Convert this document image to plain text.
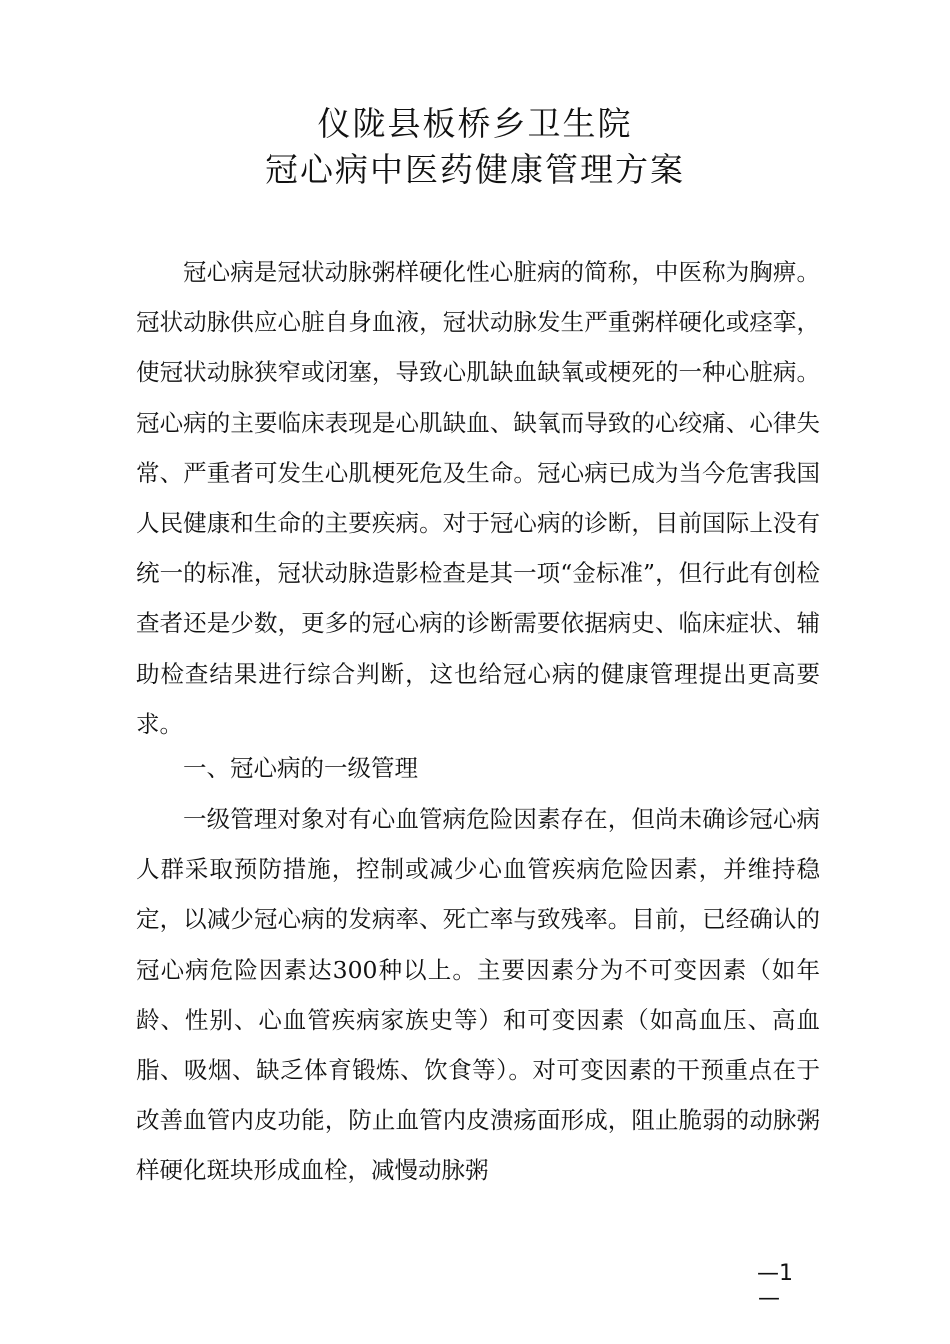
仪陇县板桥乡卫生院
冠心病中医药健康管理方案

冠心病是冠状动脉粥样硬化性心脏病的简称，中医称为胸痹。冠状动脉供应心脏自身血液，冠状动脉发生严重粥样硬化或痉挛，使冠状动脉狭窄或闭塞，导致心肌缺血缺氧或梗死的一种心脏病。冠心病的主要临床表现是心肌缺血、缺氧而导致的心绞痛、心律失常、严重者可发生心肌梗死危及生命。冠心病已成为当今危害我国人民健康和生命的主要疾病。对于冠心病的诊断，目前国际上没有统一的标准，冠状动脉造影检查是其一项“金标准”，但行此有创检查者还是少数，更多的冠心病的诊断需要依据病史、临床症状、辅助检查结果进行综合判断，这也给冠心病的健康管理提出更高要求。

一、冠心病的一级管理

一级管理对象对有心血管病危险因素存在，但尚未确诊冠心病人群采取预防措施，控制或减少心血管疾病危险因素，并维持稳定，以减少冠心病的发病率、死亡率与致残率。目前，已经确认的冠心病危险因素达300种以上。主要因素分为不可变因素（如年龄、性别、心血管疾病家族史等）和可变因素（如高血压、高血脂、吸烟、缺乏体育锻炼、饮食等）。对可变因素的干预重点在于改善血管内皮功能，防止血管内皮溃疡面形成，阻止脆弱的动脉粥样硬化斑块形成血栓，减慢动脉粥

—1
—
